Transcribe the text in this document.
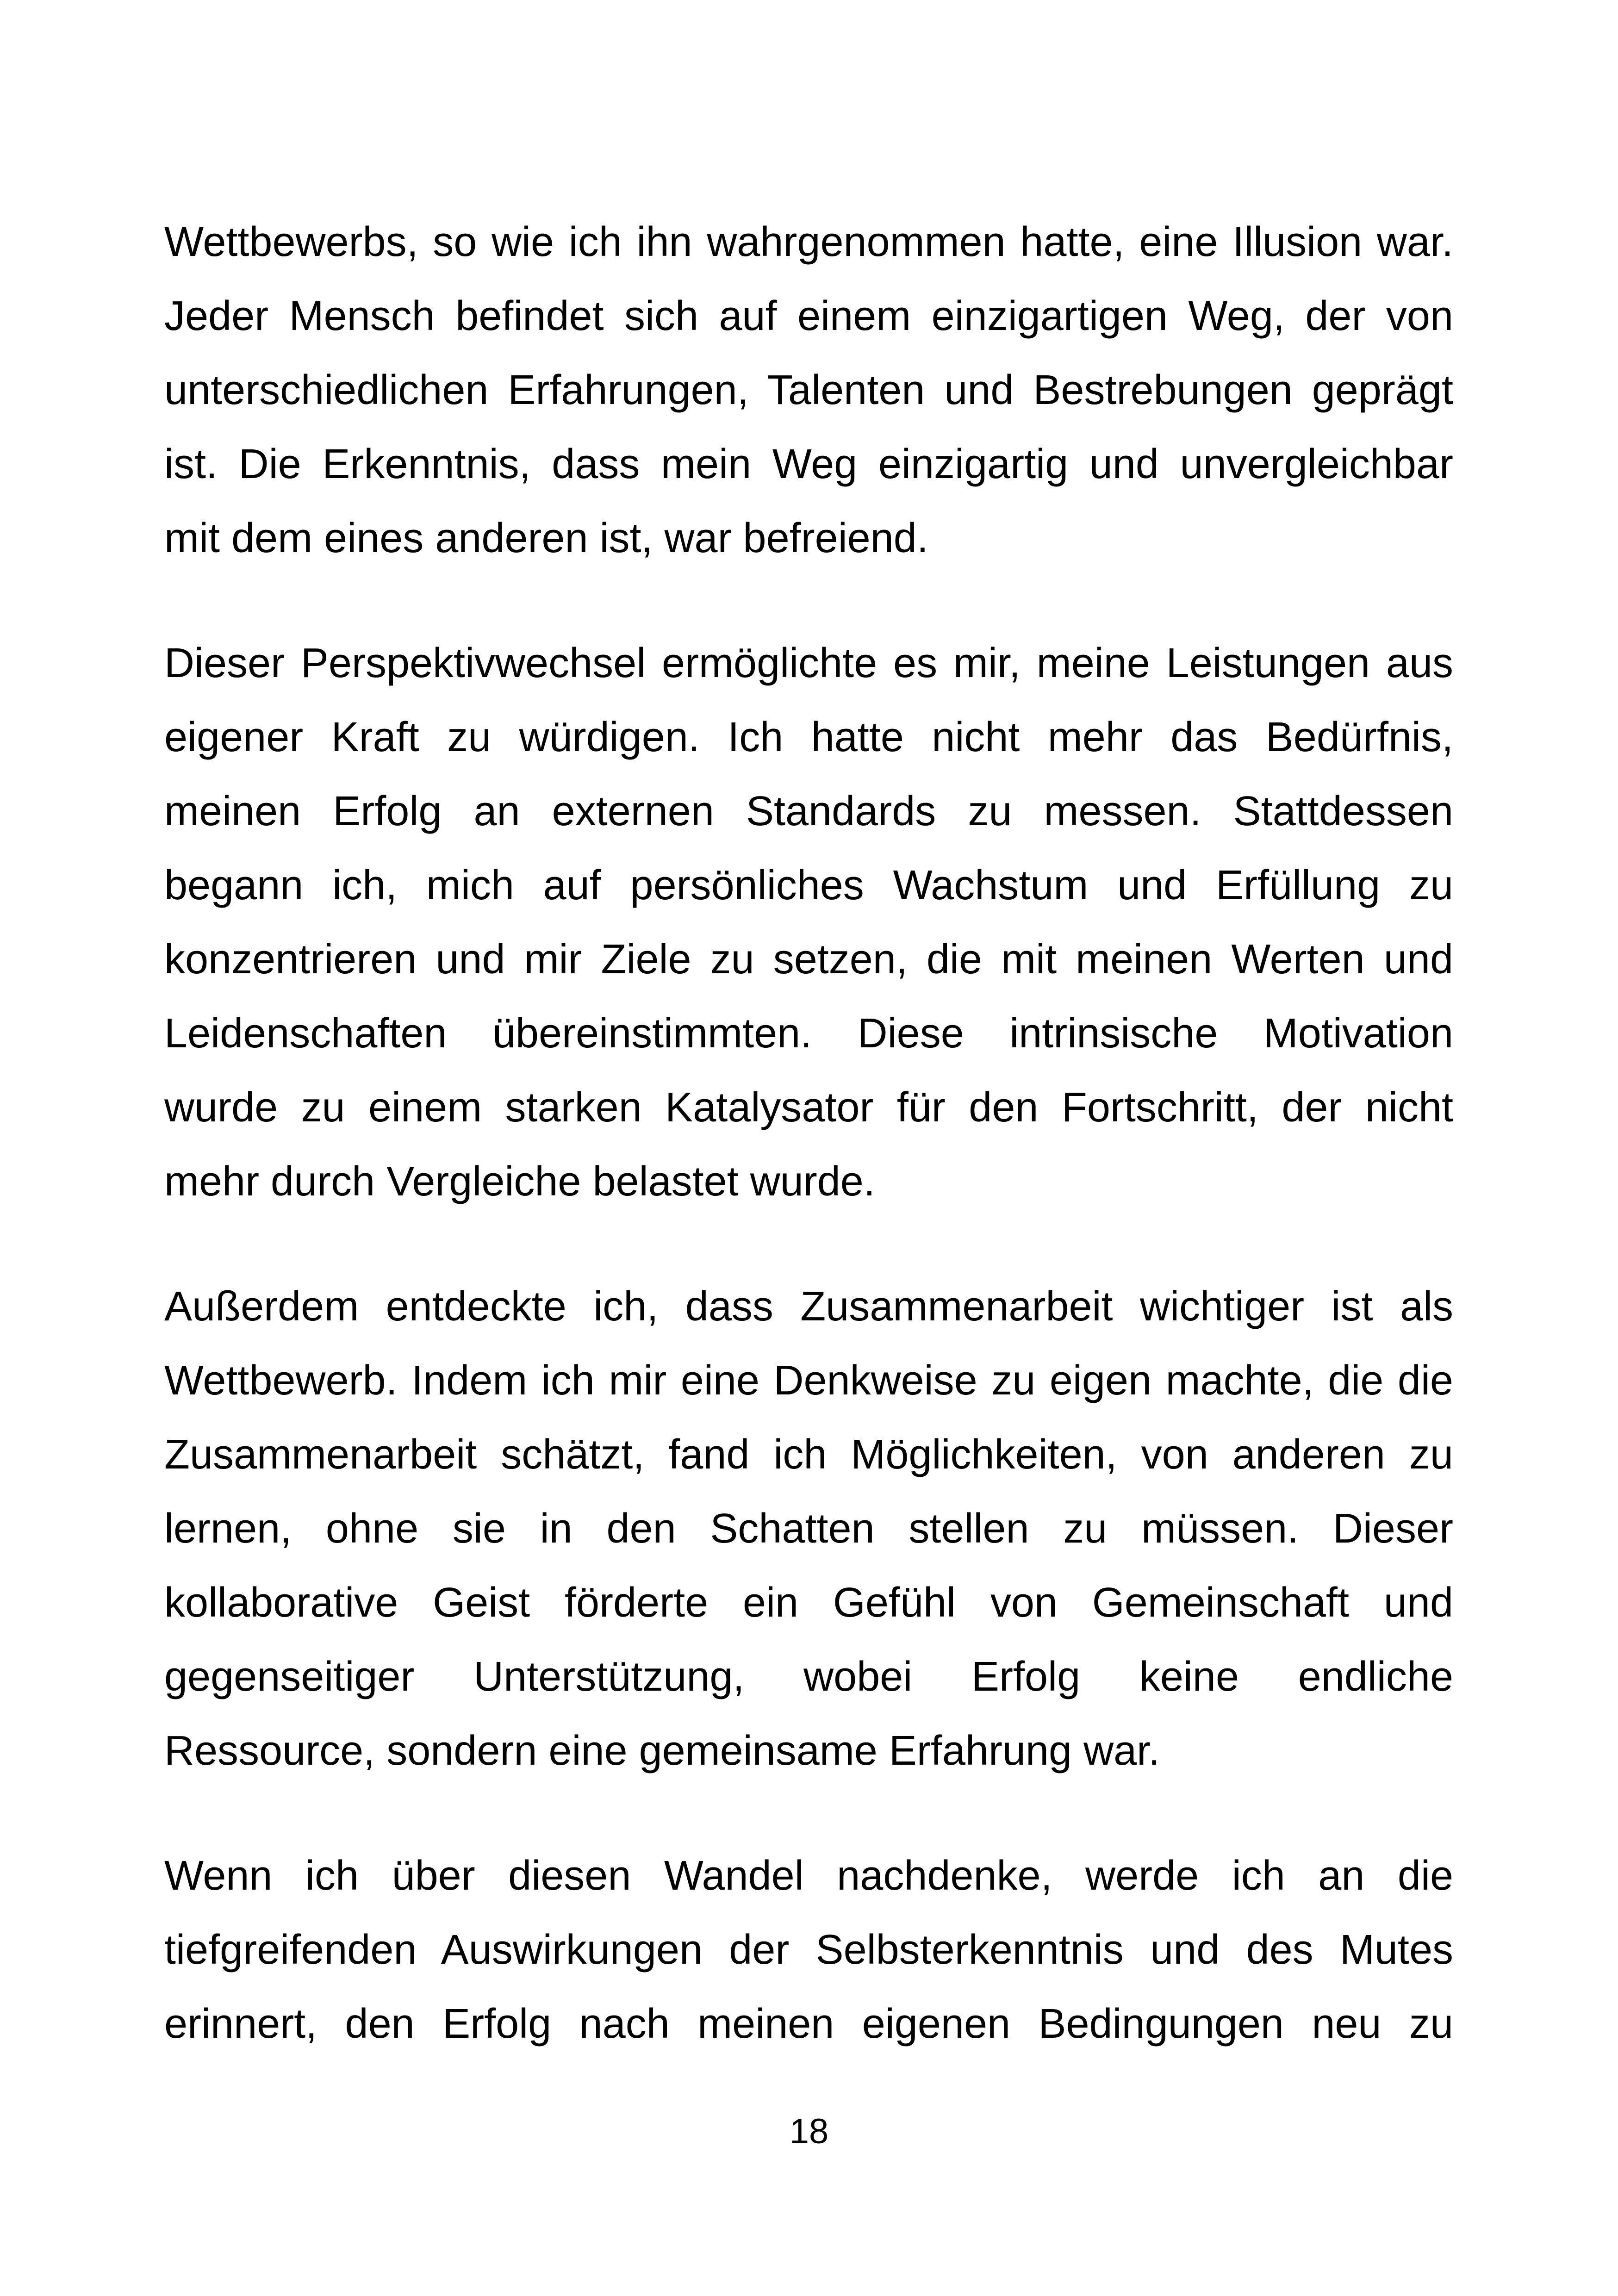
Wettbewerbs, so wie ich ihn wahrgenommen hatte, eine Illusion war.
Jeder Mensch befindet sich auf einem einzigartigen Weg, der von
unterschiedlichen Erfahrungen, Talenten und Bestrebungen geprägt
ist. Die Erkenntnis, dass mein Weg einzigartig und unvergleichbar
mit dem eines anderen ist, war befreiend.
Dieser Perspektivwechsel ermöglichte es mir, meine Leistungen aus
eigener Kraft zu würdigen. Ich hatte nicht mehr das Bedürfnis,
meinen Erfolg an externen Standards zu messen. Stattdessen
begann ich, mich auf persönliches Wachstum und Erfüllung zu
konzentrieren und mir Ziele zu setzen, die mit meinen Werten und
Leidenschaften übereinstimmten. Diese intrinsische Motivation
wurde zu einem starken Katalysator für den Fortschritt, der nicht
mehr durch Vergleiche belastet wurde.
Außerdem entdeckte ich, dass Zusammenarbeit wichtiger ist als
Wettbewerb. Indem ich mir eine Denkweise zu eigen machte, die die
Zusammenarbeit schätzt, fand ich Möglichkeiten, von anderen zu
lernen, ohne sie in den Schatten stellen zu müssen. Dieser
kollaborative Geist förderte ein Gefühl von Gemeinschaft und
gegenseitiger Unterstützung, wobei Erfolg keine endliche
Ressource, sondern eine gemeinsame Erfahrung war.
Wenn ich über diesen Wandel nachdenke, werde ich an die
tiefgreifenden Auswirkungen der Selbsterkenntnis und des Mutes
erinnert, den Erfolg nach meinen eigenen Bedingungen neu zu
18
